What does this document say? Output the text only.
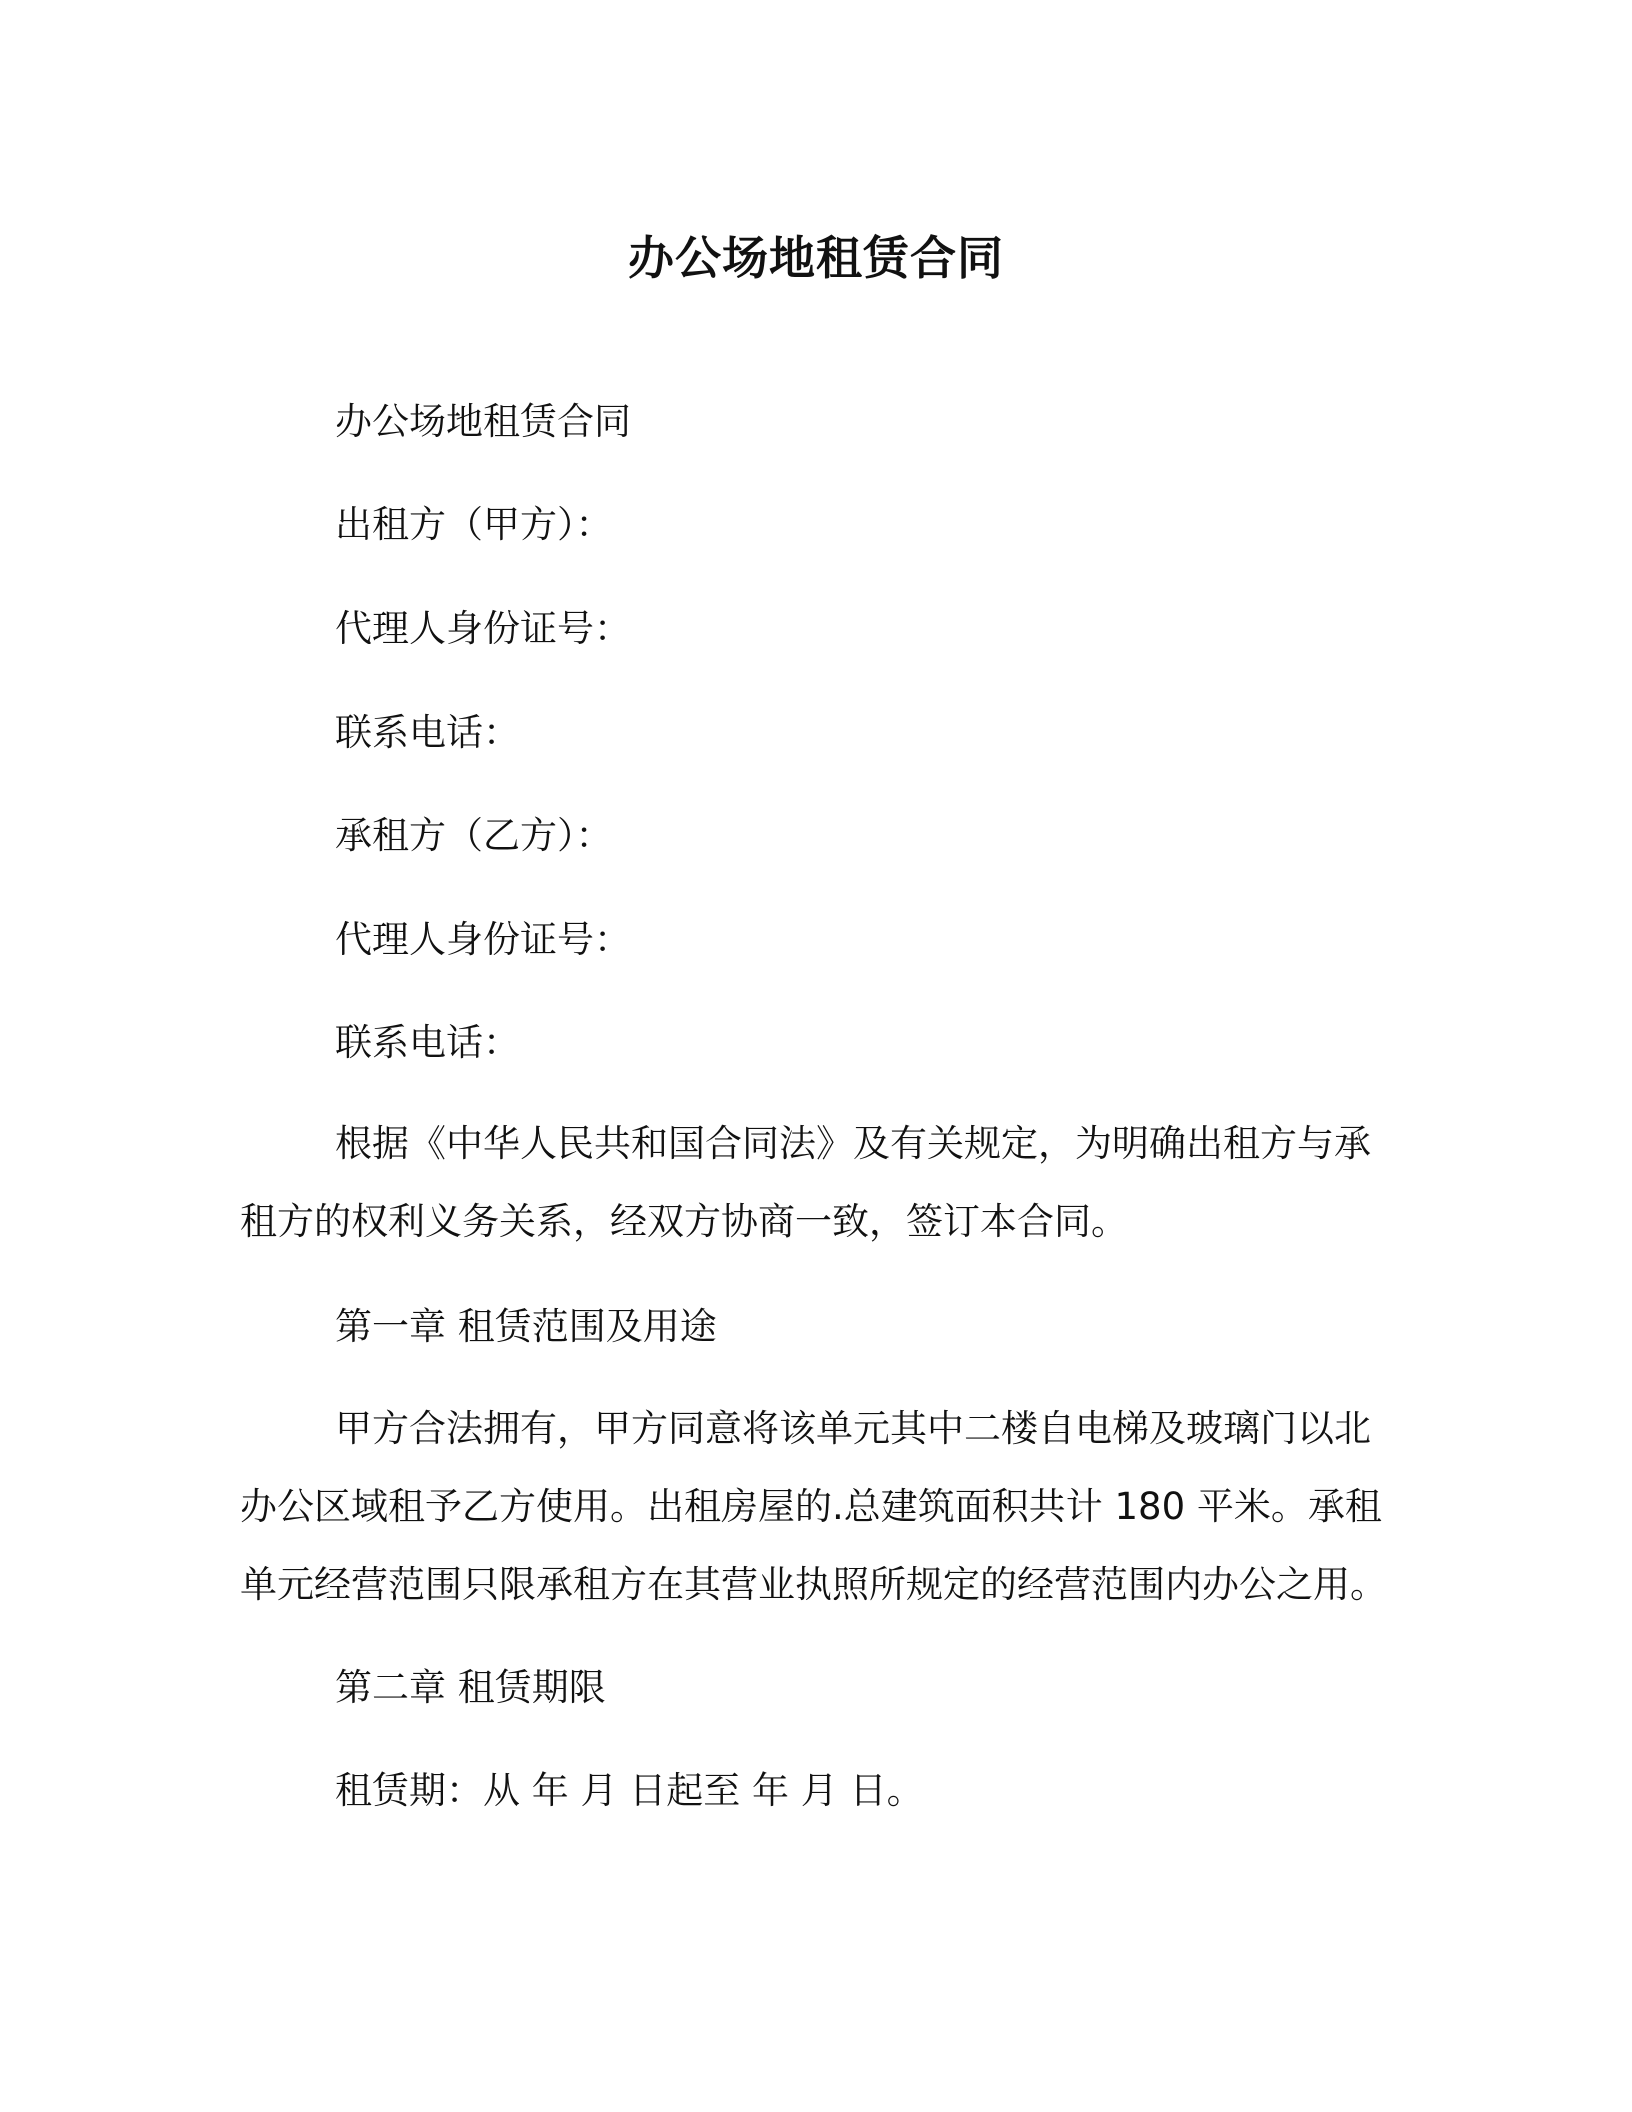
办公场地租赁合同
办公场地租赁合同
出租方（甲方）：
代理人身份证号：
联系电话：
承租方（乙方）：
代理人身份证号：
联系电话：

根据《中华人民共和国合同法》及有关规定，为明确出租方与承租方的权利义务关系，经双方协商一致，签订本合同。

第一章 租赁范围及用途

甲方合法拥有，甲方同意将该单元其中二楼自电梯及玻璃门以北办公区域租予乙方使用。出租房屋的.总建筑面积共计 180 平米。承租单元经营范围只限承租方在其营业执照所规定的经营范围内办公之用。

第二章 租赁期限
租赁期：从 年 月 日起至 年 月 日。
